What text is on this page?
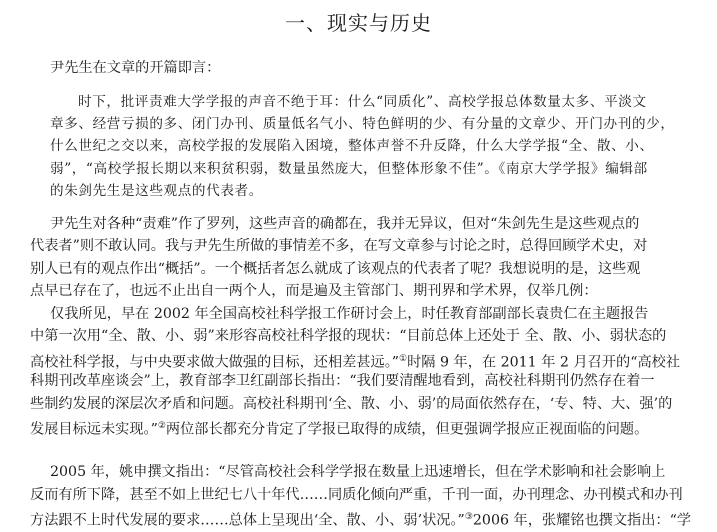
一、现实与历史
尹先生在文章的开篇即言：
时下，批评责难大学学报的声音不绝于耳：什么“同质化”、高校学报总体数量太多、平淡文
章多、经营亏损的多、闭门办刊、质量低名气小、特色鲜明的少、有分量的文章少、开门办刊的少，
什么世纪之交以来，高校学报的发展陷入困境，整体声誉不升反降，什么大学学报“全、散、小、
弱”，“高校学报长期以来积贫积弱，数量虽然庞大，但整体形象不佳”。《南京大学学报》编辑部
的朱剑先生是这些观点的代表者。
尹先生对各种“责难”作了罗列，这些声音的确都在，我并无异议，但对“朱剑先生是这些观点的
代表者”则不敢认同。我与尹先生所做的事情差不多，在写文章参与讨论之时，总得回顾学术史，对
别人已有的观点作出“概括”。一个概括者怎么就成了该观点的代表者了呢？我想说明的是，这些观
点早已存在了，也远不止出自一两个人，而是遍及主管部门、期刊界和学术界，仅举几例：
仅我所见，早在 2002 年全国高校社科学报工作研讨会上，时任教育部副部长袁贵仁在主题报告
中第一次用“全、散、小、弱”来形容高校社科学报的现状：“目前总体上还处于 全、散、小、弱状态的
高校社科学报，与中央要求做大做强的目标，还相差甚远。”①时隔 9 年，在 2011 年 2 月召开的“高校社
科期刊改革座谈会”上，教育部李卫红副部长指出：“我们要清醒地看到，高校社科期刊仍然存在着一
些制约发展的深层次矛盾和问题。高校社科期刊‘全、散、小、弱’的局面依然存在，‘专、特、大、强’的
发展目标远未实现。”②两位部长都充分肯定了学报已取得的成绩，但更强调学报应正视面临的问题。
2005 年，姚申撰文指出：“尽管高校社会科学学报在数量上迅速增长，但在学术影响和社会影响上
反而有所下降，甚至不如上世纪七八十年代……同质化倾向严重，千刊一面，办刊理念、办刊模式和办刊
方法跟不上时代发展的要求……总体上呈现出‘全、散、小、弱’状况。”③2006 年，张耀铭也撰文指出：“学
